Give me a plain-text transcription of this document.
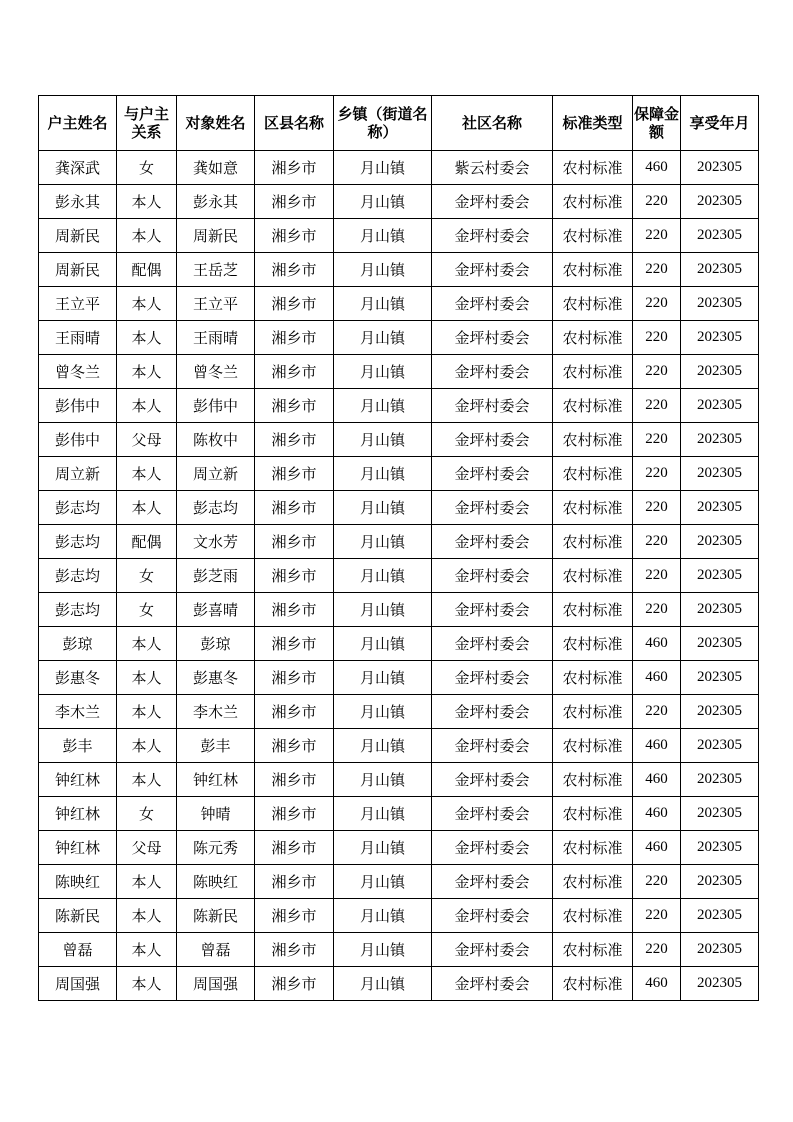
户主姓名	与户主关系	对象姓名	区县名称	乡镇（街道名称）	社区名称	标准类型	保障金额	享受年月
龚深武	女	龚如意	湘乡市	月山镇	紫云村委会	农村标准	460	202305
彭永其	本人	彭永其	湘乡市	月山镇	金坪村委会	农村标准	220	202305
周新民	本人	周新民	湘乡市	月山镇	金坪村委会	农村标准	220	202305
周新民	配偶	王岳芝	湘乡市	月山镇	金坪村委会	农村标准	220	202305
王立平	本人	王立平	湘乡市	月山镇	金坪村委会	农村标准	220	202305
王雨晴	本人	王雨晴	湘乡市	月山镇	金坪村委会	农村标准	220	202305
曾冬兰	本人	曾冬兰	湘乡市	月山镇	金坪村委会	农村标准	220	202305
彭伟中	本人	彭伟中	湘乡市	月山镇	金坪村委会	农村标准	220	202305
彭伟中	父母	陈枚中	湘乡市	月山镇	金坪村委会	农村标准	220	202305
周立新	本人	周立新	湘乡市	月山镇	金坪村委会	农村标准	220	202305
彭志均	本人	彭志均	湘乡市	月山镇	金坪村委会	农村标准	220	202305
彭志均	配偶	文水芳	湘乡市	月山镇	金坪村委会	农村标准	220	202305
彭志均	女	彭芝雨	湘乡市	月山镇	金坪村委会	农村标准	220	202305
彭志均	女	彭喜晴	湘乡市	月山镇	金坪村委会	农村标准	220	202305
彭琼	本人	彭琼	湘乡市	月山镇	金坪村委会	农村标准	460	202305
彭惠冬	本人	彭惠冬	湘乡市	月山镇	金坪村委会	农村标准	460	202305
李木兰	本人	李木兰	湘乡市	月山镇	金坪村委会	农村标准	220	202305
彭丰	本人	彭丰	湘乡市	月山镇	金坪村委会	农村标准	460	202305
钟红林	本人	钟红林	湘乡市	月山镇	金坪村委会	农村标准	460	202305
钟红林	女	钟晴	湘乡市	月山镇	金坪村委会	农村标准	460	202305
钟红林	父母	陈元秀	湘乡市	月山镇	金坪村委会	农村标准	460	202305
陈映红	本人	陈映红	湘乡市	月山镇	金坪村委会	农村标准	220	202305
陈新民	本人	陈新民	湘乡市	月山镇	金坪村委会	农村标准	220	202305
曾磊	本人	曾磊	湘乡市	月山镇	金坪村委会	农村标准	220	202305
周国强	本人	周国强	湘乡市	月山镇	金坪村委会	农村标准	460	202305
